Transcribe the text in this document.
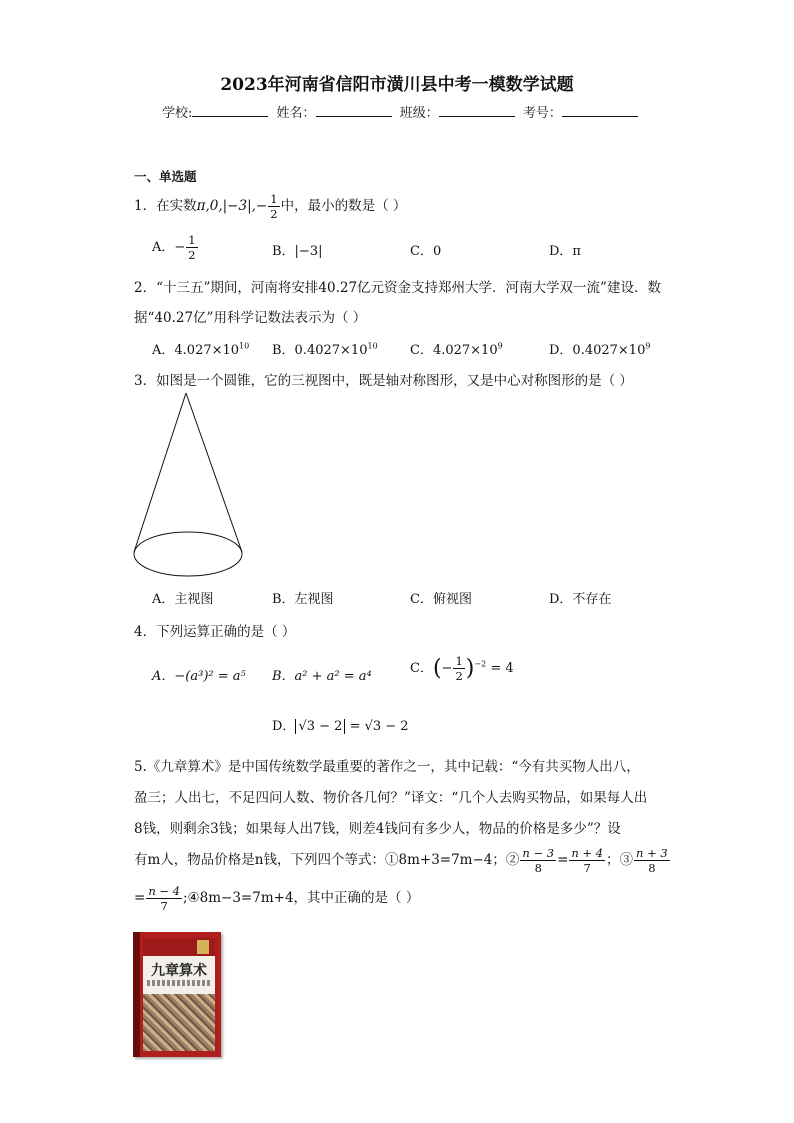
2023年河南省信阳市潢川县中考一模数学试题
学校:	姓名：	班级：	考号：
一、单选题
1．在实数$\pi,0,|-3|,- \frac{1}{2}$ 中，最小的数是（ ）
A．− $\frac{1}{2}$	B．|−3|	C．0	D．π
2．“十三五”期间，河南将安排40.27亿元资金支持郑州大学．河南大学双一流”建设．数
据“40.27亿”用科学记数法表示为（ ）
A．$4.027\times 10^{10}$ B．$0.4027\times 10^{10}$ C．$4.027\times 10^9$	D．$0.4027\times 10^9$
3．如图是一个圆锥，它的三视图中，既是轴对称图形，又是中心对称图形的是（ ）
A．主视图	B．左视图	C．俯视图	D．不存在
4．下列运算正确的是（ ）
A．−(a³)² = a⁵ B．a² + a² = a⁴
C．(− $\frac{1}{2} )^{-2} = 4$
D． √3 − 2 = √3 − 2
5.《九章算术》是中国传统数学最重要的著作之一，其中记载：“今有共买物人出八，
盈三；人出七，不足四问人数、物价各几何？”译文：“几个人去购买物品，如果每人出
8钱，则剩余3钱；如果每人出7钱，则差4钱问有多少人，物品的价格是多少”？设
有m人，物品价格是n钱，下列四个等式：①8m+3=7m−4；② $\frac{n - 3}{8} = \frac{n + 4}{7}$ ；③ $\frac{n + 3}{8}$
= $\frac{n - 4}{7}$ ;④8m−3=7m+4，其中正确的是（ ）
九章算术
